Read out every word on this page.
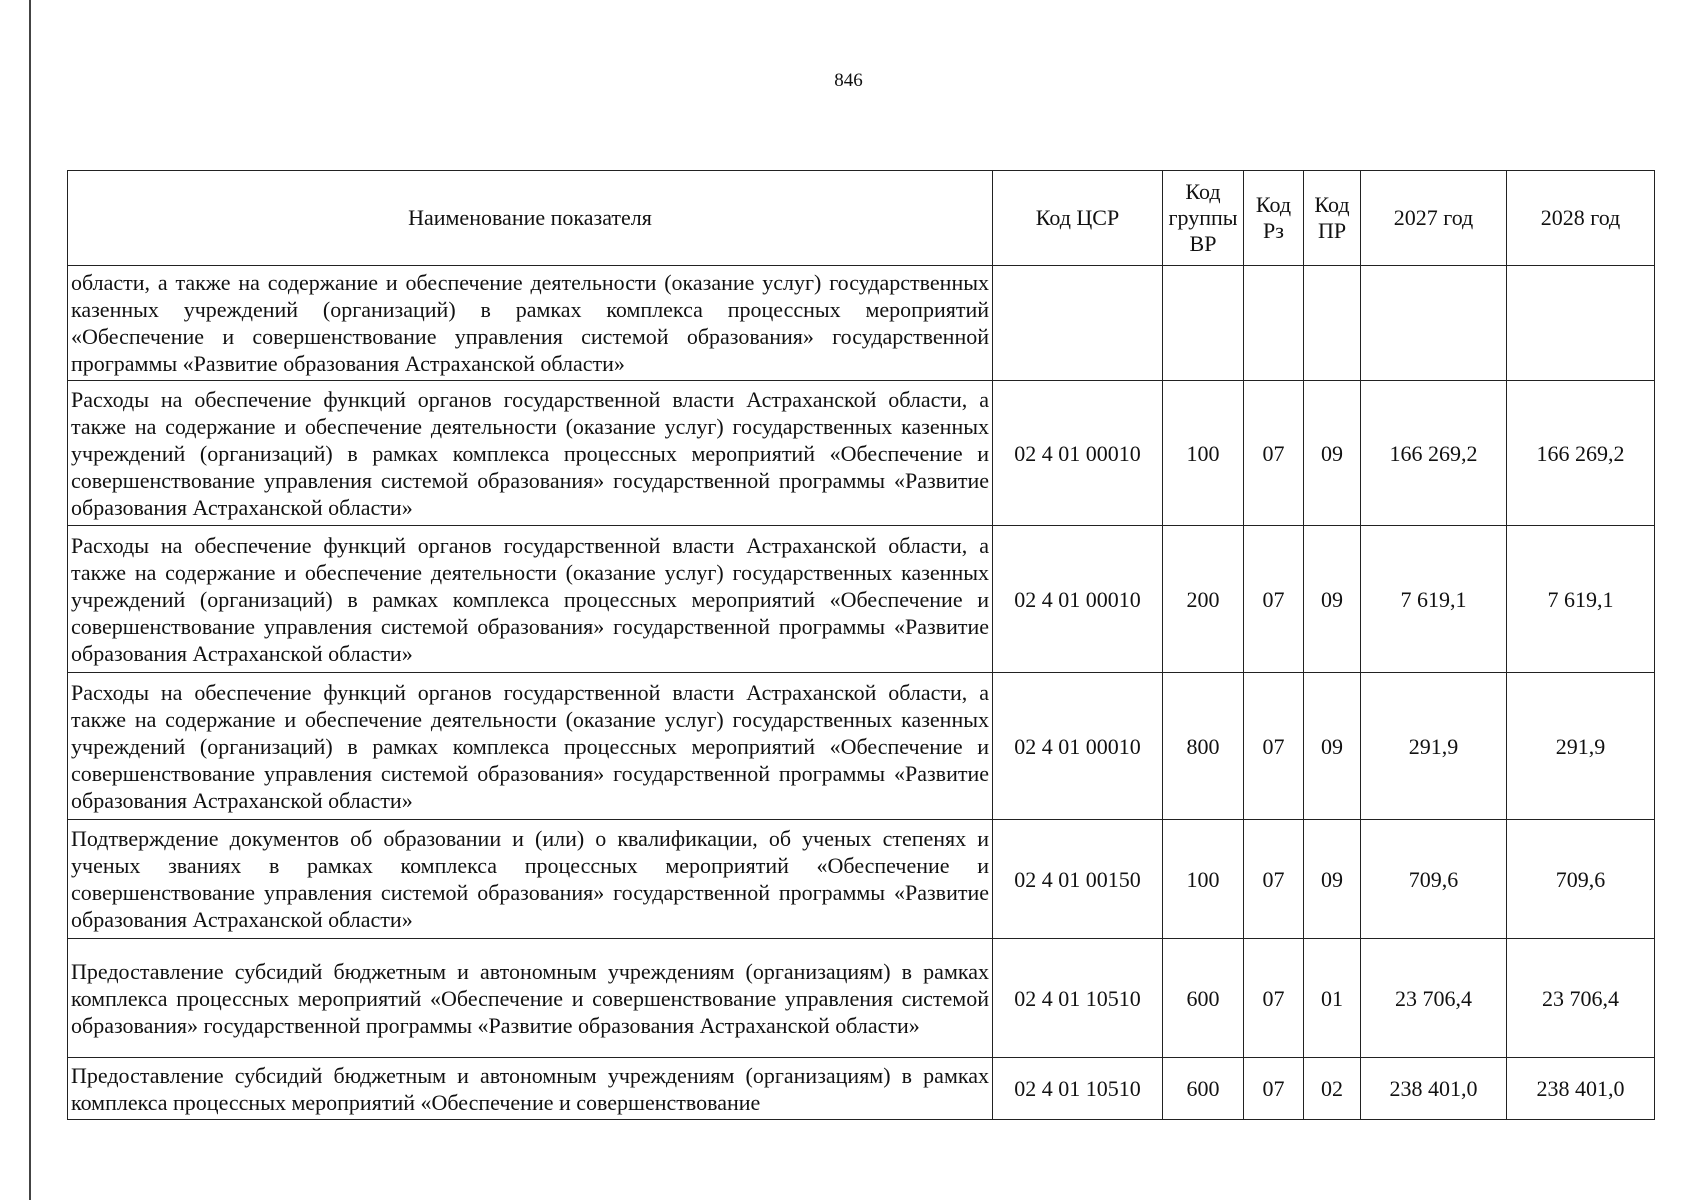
846
Наименование показателя	Код ЦСР	Код группы ВР	Код Рз	Код ПР	2027 год	2028 год
области, а также на содержание и обеспечение деятельности (оказание услуг) государственных казенных учреждений (организаций) в рамках комплекса процессных мероприятий «Обеспечение и совершенствование управления системой образования» государственной программы «Развитие образования Астраханской области»						
Расходы на обеспечение функций органов государственной власти Астраханской области, а также на содержание и обеспечение деятельности (оказание услуг) государственных казенных учреждений (организаций) в рамках комплекса процессных мероприятий «Обеспечение и совершенствование управления системой образования» государственной программы «Развитие образования Астраханской области»	02 4 01 00010	100	07	09	166 269,2	166 269,2
Расходы на обеспечение функций органов государственной власти Астраханской области, а также на содержание и обеспечение деятельности (оказание услуг) государственных казенных учреждений (организаций) в рамках комплекса процессных мероприятий «Обеспечение и совершенствование управления системой образования» государственной программы «Развитие образования Астраханской области»	02 4 01 00010	200	07	09	7 619,1	7 619,1
Расходы на обеспечение функций органов государственной власти Астраханской области, а также на содержание и обеспечение деятельности (оказание услуг) государственных казенных учреждений (организаций) в рамках комплекса процессных мероприятий «Обеспечение и совершенствование управления системой образования» государственной программы «Развитие образования Астраханской области»	02 4 01 00010	800	07	09	291,9	291,9
Подтверждение документов об образовании и (или) о квалификации, об ученых степенях и ученых званиях в рамках комплекса процессных мероприятий «Обеспечение и совершенствование управления системой образования» государственной программы «Развитие образования Астраханской области»	02 4 01 00150	100	07	09	709,6	709,6
Предоставление субсидий бюджетным и автономным учреждениям (организациям) в рамках комплекса процессных мероприятий «Обеспечение и совершенствование управления системой образования» государственной программы «Развитие образования Астраханской области»	02 4 01 10510	600	07	01	23 706,4	23 706,4

Предоставление субсидий бюджетным и автономным учреждениям (организациям) в рамках комплекса процессных мероприятий «Обеспечение и совершенствование	02 4 01 10510	600	07	02	238 401,0	238 401,0
